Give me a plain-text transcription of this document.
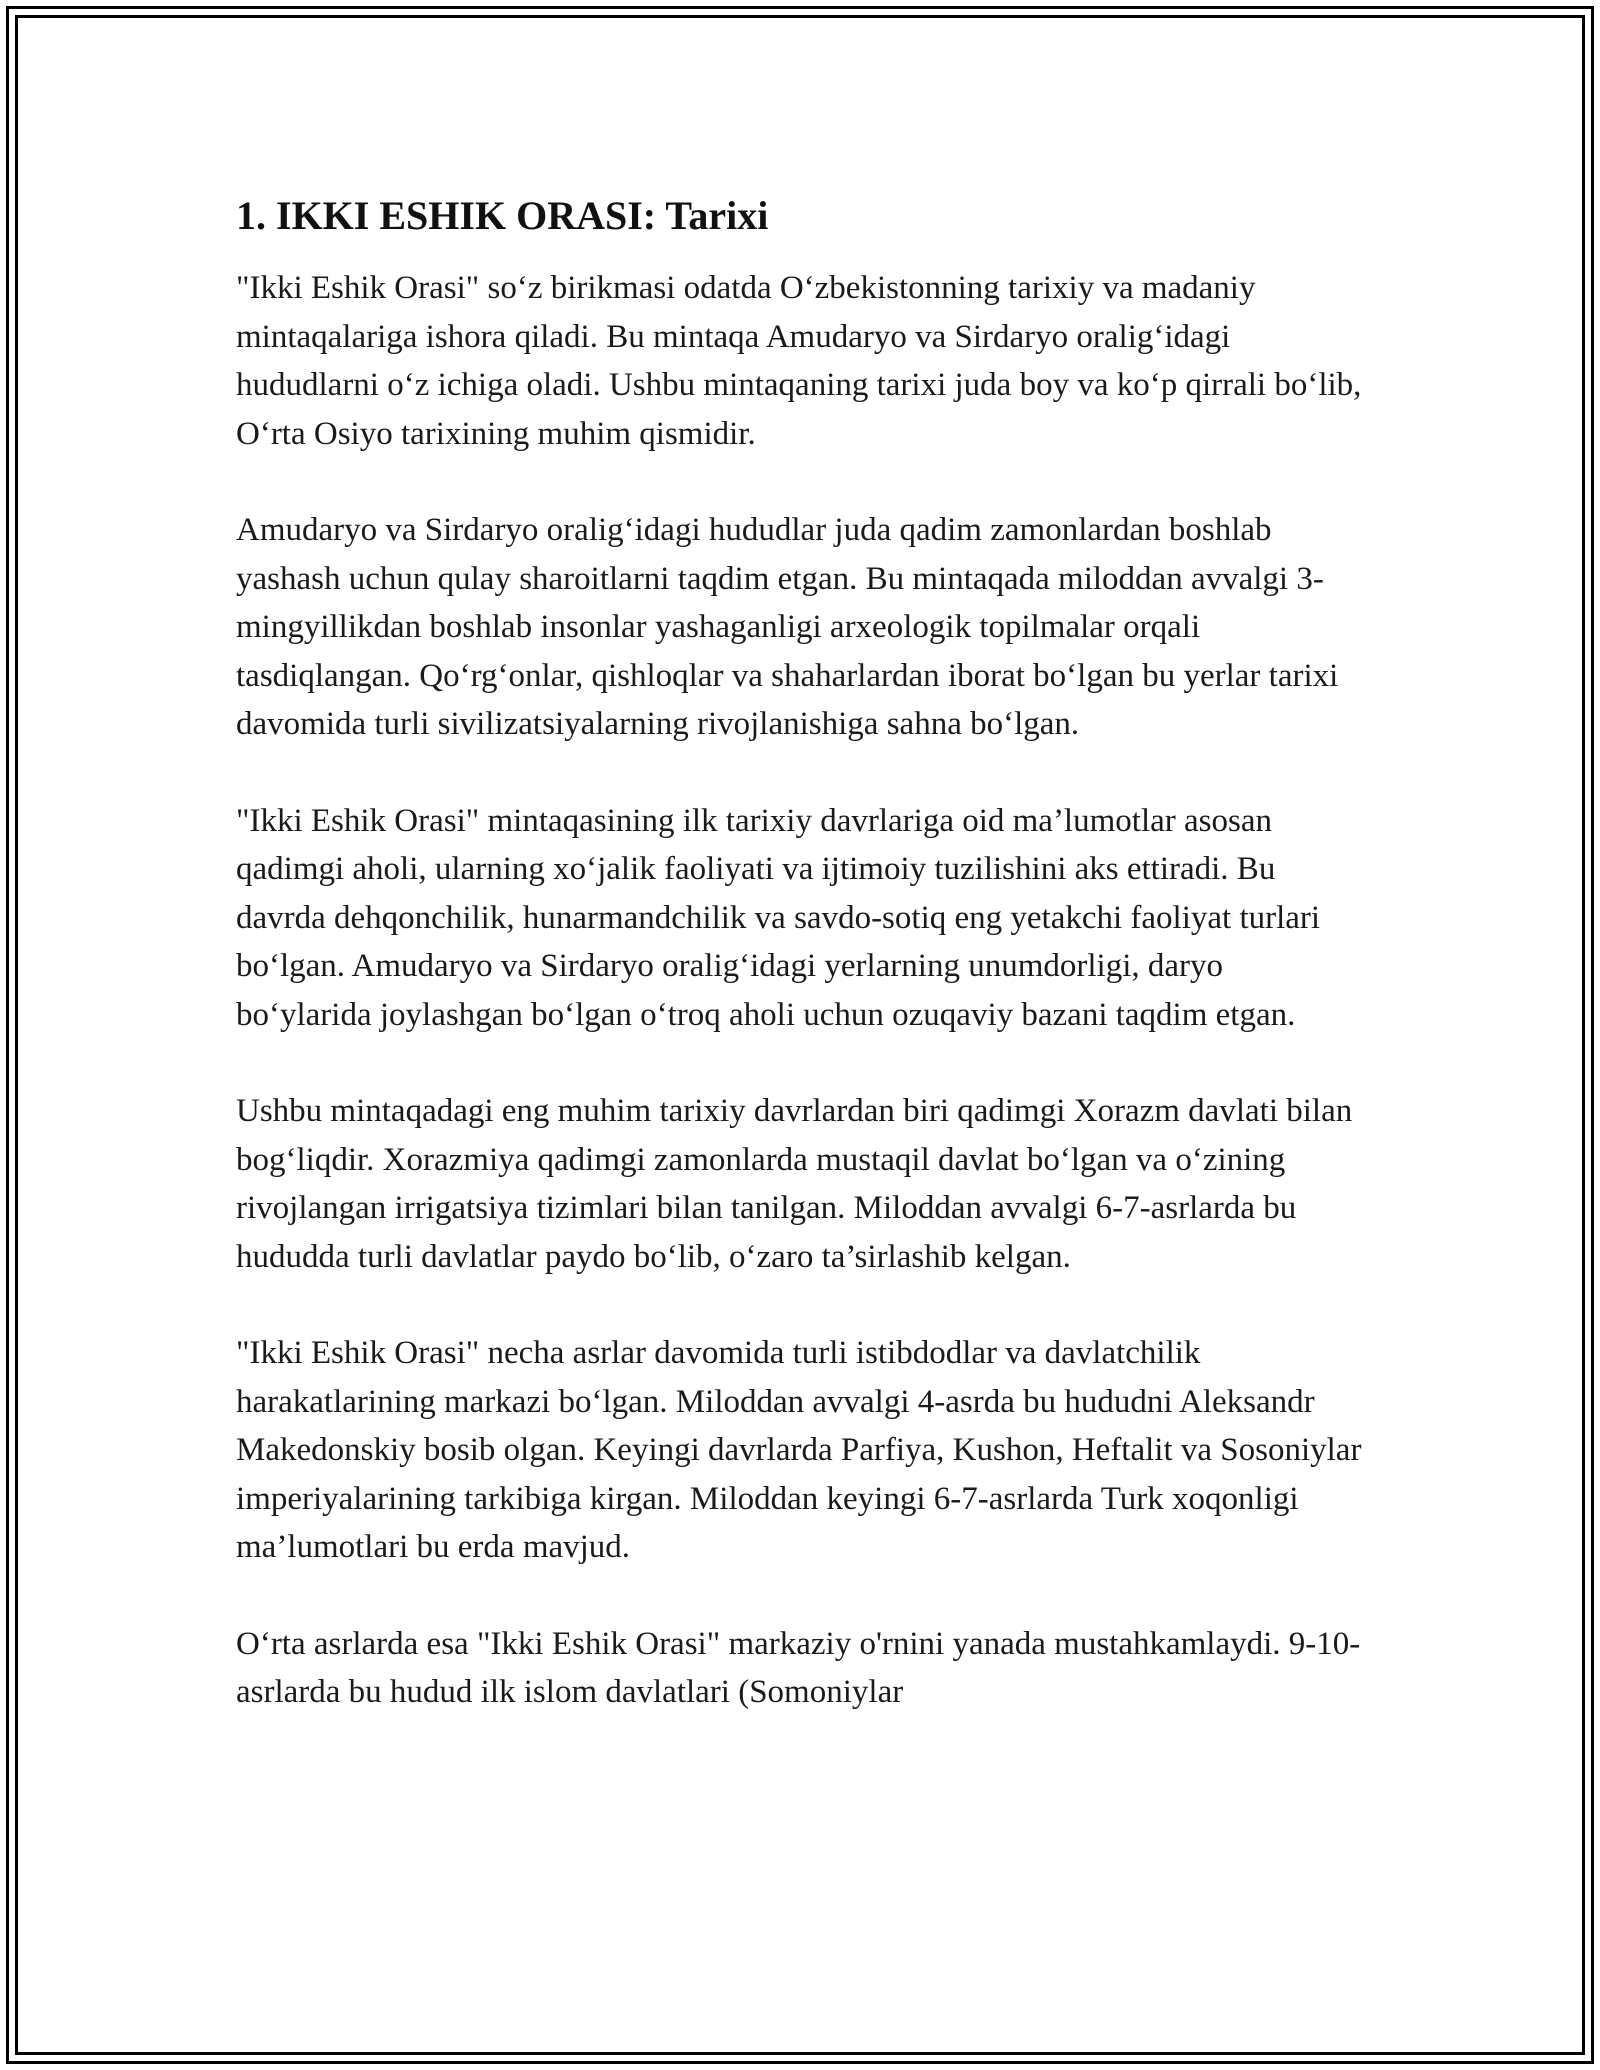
1. IKKI ESHIK ORASI: Tarixi

"Ikki Eshik Orasi" so‘z birikmasi odatda O‘zbekistonning tarixiy va madaniy mintaqalariga ishora qiladi. Bu mintaqa Amudaryo va Sirdaryo oralig‘idagi hududlarni o‘z ichiga oladi. Ushbu mintaqaning tarixi juda boy va ko‘p qirrali bo‘lib, O‘rta Osiyo tarixining muhim qismidir.

Amudaryo va Sirdaryo oralig‘idagi hududlar juda qadim zamonlardan boshlab yashash uchun qulay sharoitlarni taqdim etgan. Bu mintaqada miloddan avvalgi 3-mingyillikdan boshlab insonlar yashaganligi arxeologik topilmalar orqali tasdiqlangan. Qo‘rg‘onlar, qishloqlar va shaharlardan iborat bo‘lgan bu yerlar tarixi davomida turli sivilizatsiyalarning rivojlanishiga sahna bo‘lgan.

"Ikki Eshik Orasi" mintaqasining ilk tarixiy davrlariga oid ma’lumotlar asosan qadimgi aholi, ularning xo‘jalik faoliyati va ijtimoiy tuzilishini aks ettiradi. Bu davrda dehqonchilik, hunarmandchilik va savdo-sotiq eng yetakchi faoliyat turlari bo‘lgan. Amudaryo va Sirdaryo oralig‘idagi yerlarning unumdorligi, daryo bo‘ylarida joylashgan bo‘lgan o‘troq aholi uchun ozuqaviy bazani taqdim etgan.

Ushbu mintaqadagi eng muhim tarixiy davrlardan biri qadimgi Xorazm davlati bilan bog‘liqdir. Xorazmiya qadimgi zamonlarda mustaqil davlat bo‘lgan va o‘zining rivojlangan irrigatsiya tizimlari bilan tanilgan. Miloddan avvalgi 6-7-asrlarda bu hududda turli davlatlar paydo bo‘lib, o‘zaro ta’sirlashib kelgan.

"Ikki Eshik Orasi" necha asrlar davomida turli istibdodlar va davlatchilik harakatlarining markazi bo‘lgan. Miloddan avvalgi 4-asrda bu hududni Aleksandr Makedonskiy bosib olgan. Keyingi davrlarda Parfiya, Kushon, Heftalit va Sosoniylar imperiyalarining tarkibiga kirgan. Miloddan keyingi 6-7-asrlarda Turk xoqonligi ma’lumotlari bu erda mavjud.

O‘rta asrlarda esa "Ikki Eshik Orasi" markaziy o'rnini yanada mustahkamlaydi. 9-10-asrlarda bu hudud ilk islom davlatlari (Somoniylar
